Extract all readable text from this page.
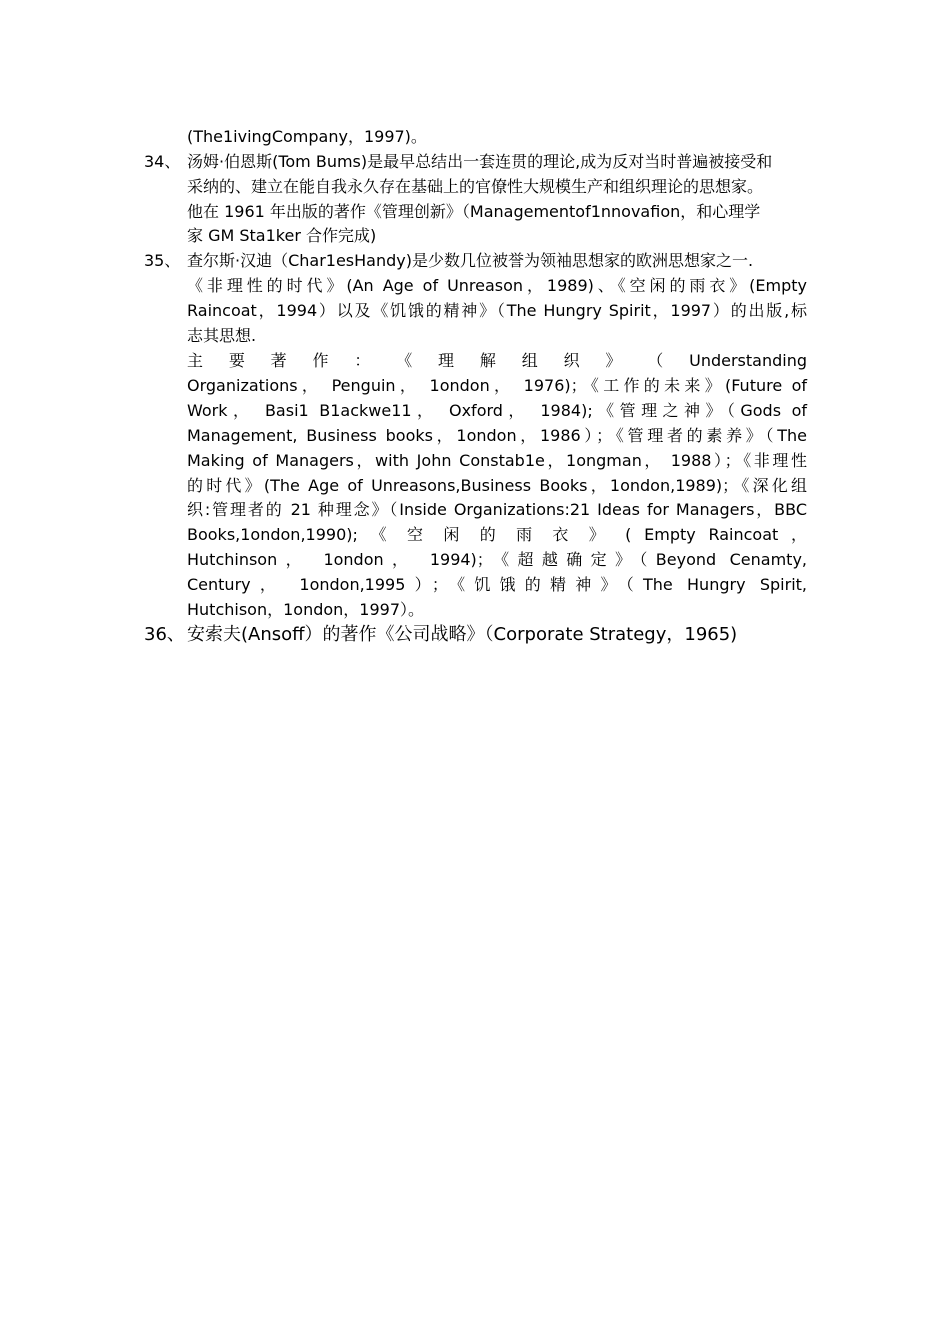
(The1ivingCompany，1997)。
34、 汤姆·伯恩斯(Tom Bums)是最早总结出一套连贯的理论,成为反对当时普遍被接受和
采纳的、建立在能自我永久存在基础上的官僚性大规模生产和组织理论的思想家。
他在 1961 年出版的著作《管理创新》（Managementof1nnovafion，和心理学
家 GM Sta1ker 合作完成)
35、 查尔斯·汉迪（Char1esHandy)是少数几位被誉为领袖思想家的欧洲思想家之一.
《非理性的时代》(An Age of Unreason，1989)、《空闲的雨衣》(Empty
Raincoat，1994）以及《饥饿的精神》（The Hungry Spirit，1997）的出版,标
志其思想.
主 要 著 作 ： 《 理 解 组 织 》 （ Understanding
Organizations， Penguin， 1ondon， 1976)；《工作的未来》(Future of
Work， Basi1 B1ackwe11， Oxford， 1984);《管理之神》（Gods of
Management, Business books，1ondon，1986）；《管理者的素养》（The
Making of Managers，with John Constab1e，1ongman， 1988）；《非理性
的时代》(The Age of Unreasons,Business Books，1ondon,1989)；《深化组
织:管理者的 21 种理念》（Inside Organizations:21 Ideas for Managers，BBC
Books,1ondon,1990); 《 空 闲 的 雨 衣 》 ( Empty Raincoat ，
Hutchinson， 1ondon， 1994)；《超越确定》（Beyond Cenamty,
Century， 1ondon,1995）；《饥饿的精神》（The Hungry Spirit,
Hutchison，1ondon，1997）。
36、 安索夫(Ansoff）的著作《公司战略》（Corporate Strategy，1965)
